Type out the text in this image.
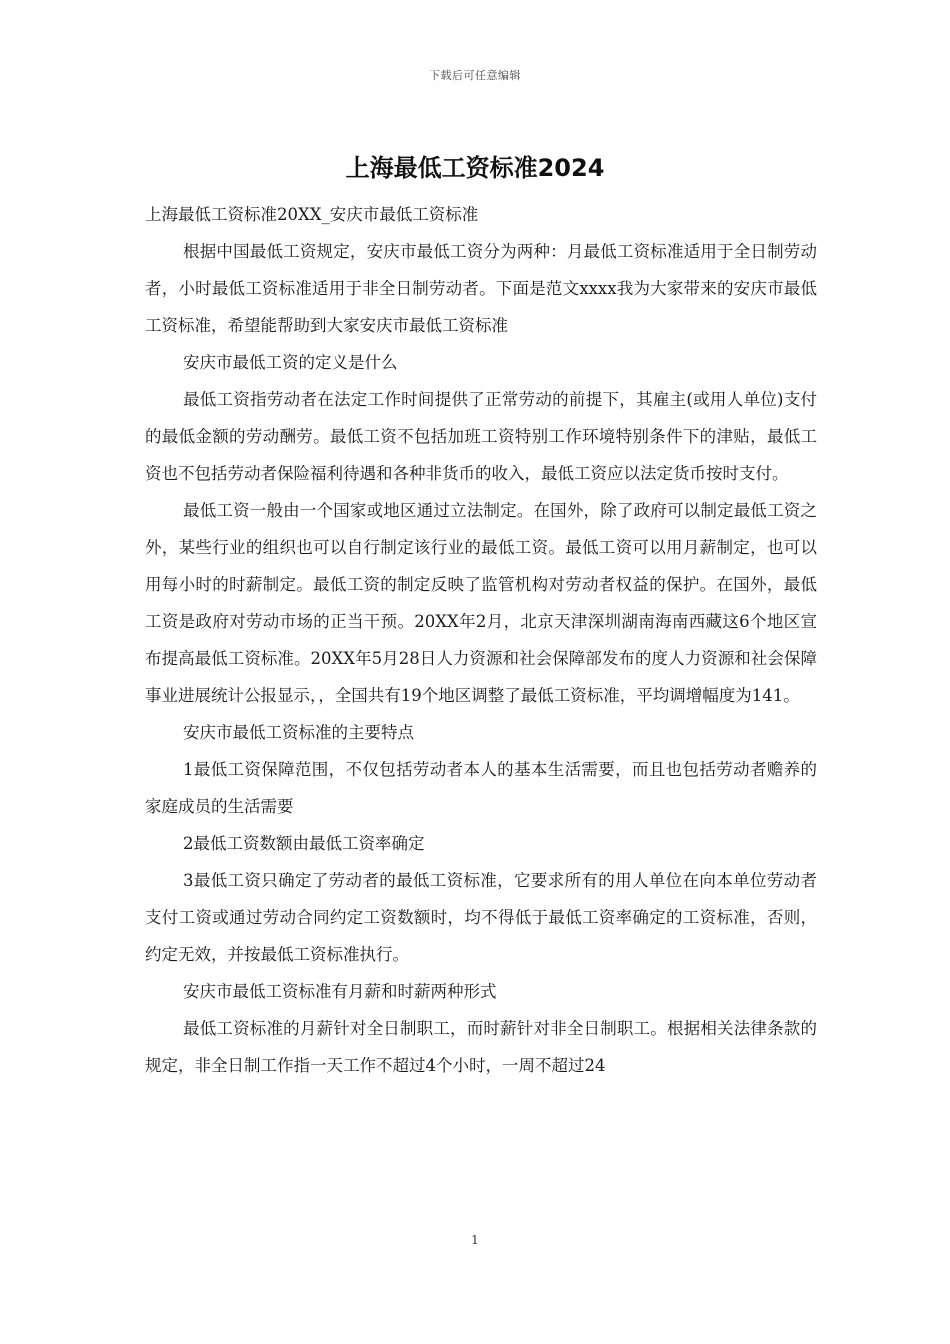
下载后可任意编辑
上海最低工资标准2024

上海最低工资标准20XX_安庆市最低工资标准

根据中国最低工资规定，安庆市最低工资分为两种：月最低工资标准适用于全日制劳动者，小时最低工资标准适用于非全日制劳动者。下面是范文xxxx我为大家带来的安庆市最低工资标准，希望能帮助到大家安庆市最低工资标准

安庆市最低工资的定义是什么

最低工资指劳动者在法定工作时间提供了正常劳动的前提下，其雇主(或用人单位)支付的最低金额的劳动酬劳。最低工资不包括加班工资特别工作环境特别条件下的津贴，最低工资也不包括劳动者保险福利待遇和各种非货币的收入，最低工资应以法定货币按时支付。

最低工资一般由一个国家或地区通过立法制定。在国外，除了政府可以制定最低工资之外，某些行业的组织也可以自行制定该行业的最低工资。最低工资可以用月薪制定，也可以用每小时的时薪制定。最低工资的制定反映了监管机构对劳动者权益的保护。在国外，最低工资是政府对劳动市场的正当干预。20XX年2月，北京天津深圳湖南海南西藏这6个地区宣布提高最低工资标准。20XX年5月28日人力资源和社会保障部发布的度人力资源和社会保障事业进展统计公报显示，，全国共有19个地区调整了最低工资标准，平均调增幅度为141。

安庆市最低工资标准的主要特点

1最低工资保障范围，不仅包括劳动者本人的基本生活需要，而且也包括劳动者赡养的家庭成员的生活需要

2最低工资数额由最低工资率确定

3最低工资只确定了劳动者的最低工资标准，它要求所有的用人单位在向本单位劳动者支付工资或通过劳动合同约定工资数额时，均不得低于最低工资率确定的工资标准，否则，约定无效，并按最低工资标准执行。

安庆市最低工资标准有月薪和时薪两种形式

最低工资标准的月薪针对全日制职工，而时薪针对非全日制职工。根据相关法律条款的规定，非全日制工作指一天工作不超过4个小时，一周不超过24

1
